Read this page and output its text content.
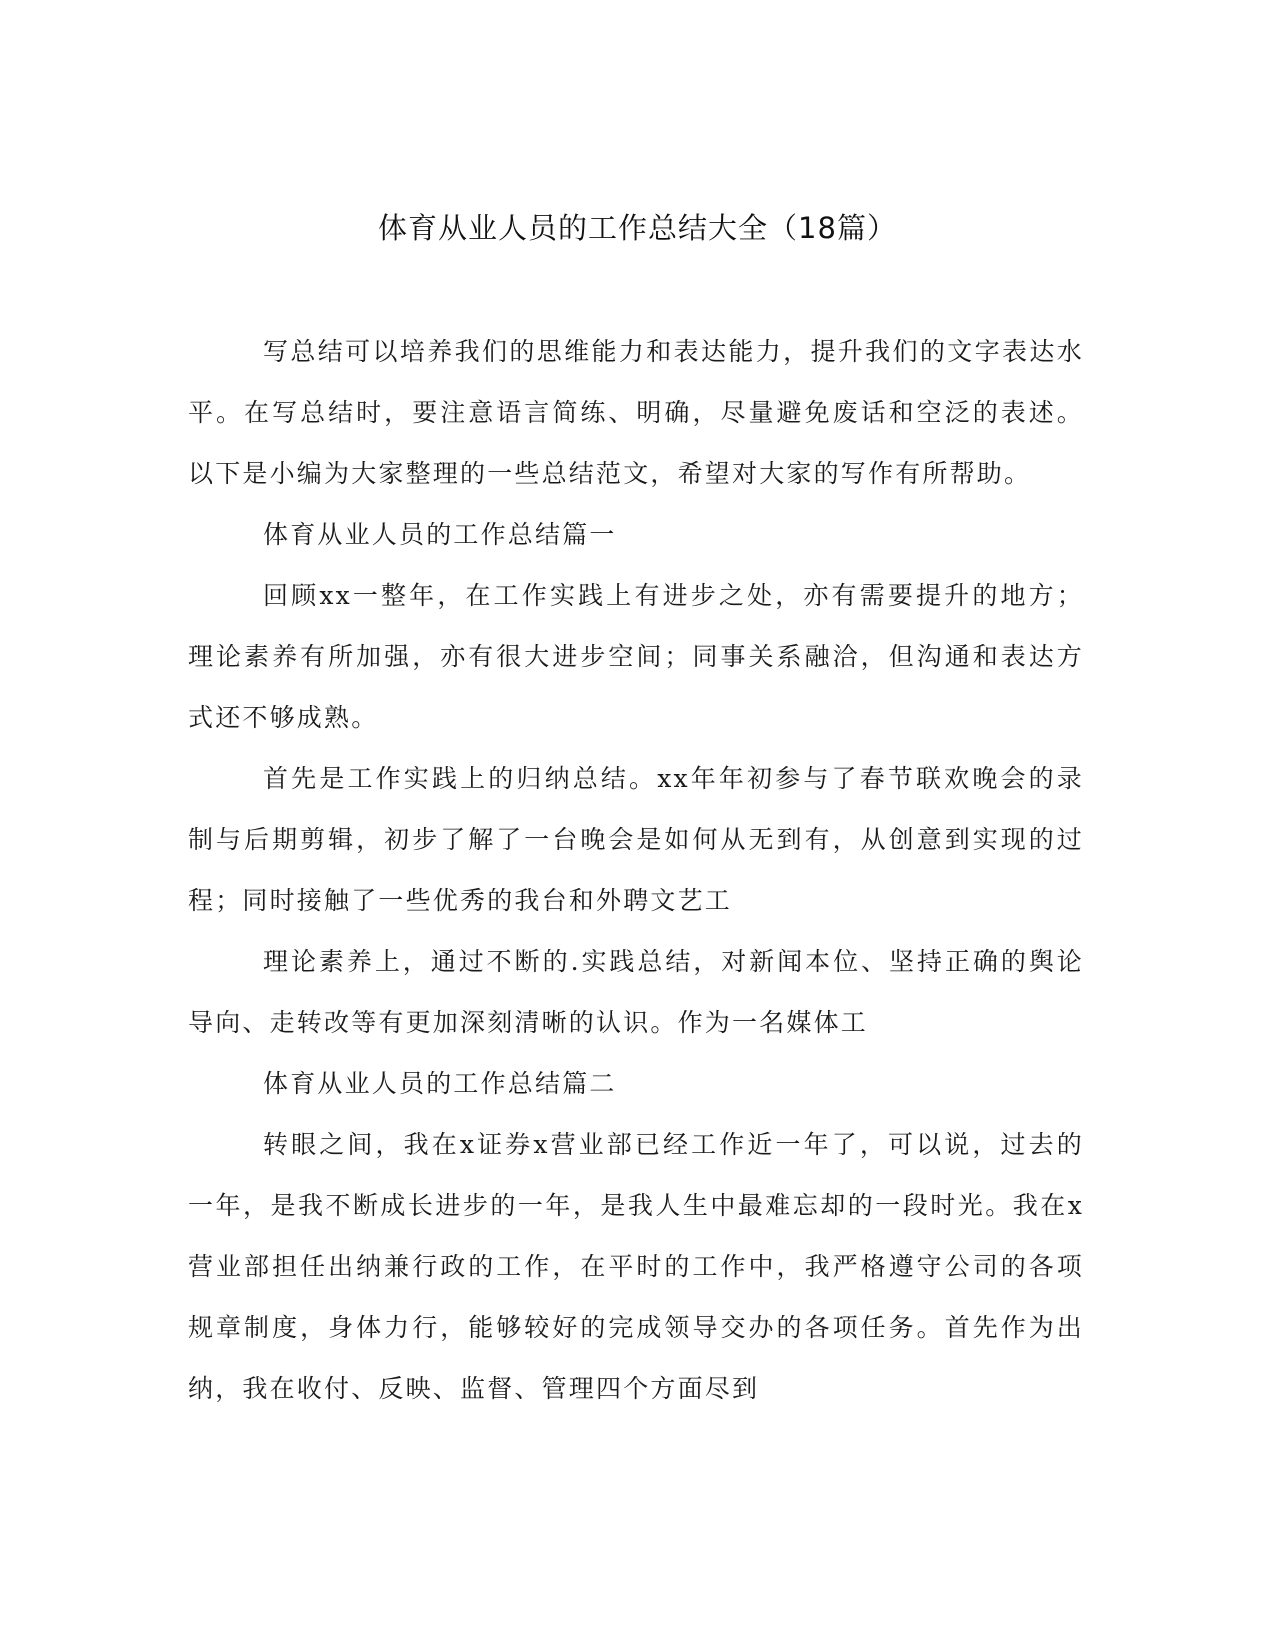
体育从业人员的工作总结大全（18篇）

写总结可以培养我们的思维能力和表达能力，提升我们的文字表达水平。在写总结时，要注意语言简练、明确，尽量避免废话和空泛的表述。以下是小编为大家整理的一些总结范文，希望对大家的写作有所帮助。

体育从业人员的工作总结篇一

回顾xx一整年，在工作实践上有进步之处，亦有需要提升的地方；理论素养有所加强，亦有很大进步空间；同事关系融洽，但沟通和表达方式还不够成熟。

首先是工作实践上的归纳总结。xx年年初参与了春节联欢晚会的录制与后期剪辑，初步了解了一台晚会是如何从无到有，从创意到实现的过程；同时接触了一些优秀的我台和外聘文艺工

理论素养上，通过不断的.实践总结，对新闻本位、坚持正确的舆论导向、走转改等有更加深刻清晰的认识。作为一名媒体工

体育从业人员的工作总结篇二

转眼之间，我在x证券x营业部已经工作近一年了，可以说，过去的一年，是我不断成长进步的一年，是我人生中最难忘却的一段时光。我在x营业部担任出纳兼行政的工作，在平时的工作中，我严格遵守公司的各项规章制度，身体力行，能够较好的完成领导交办的各项任务。首先作为出纳，我在收付、反映、监督、管理四个方面尽到
